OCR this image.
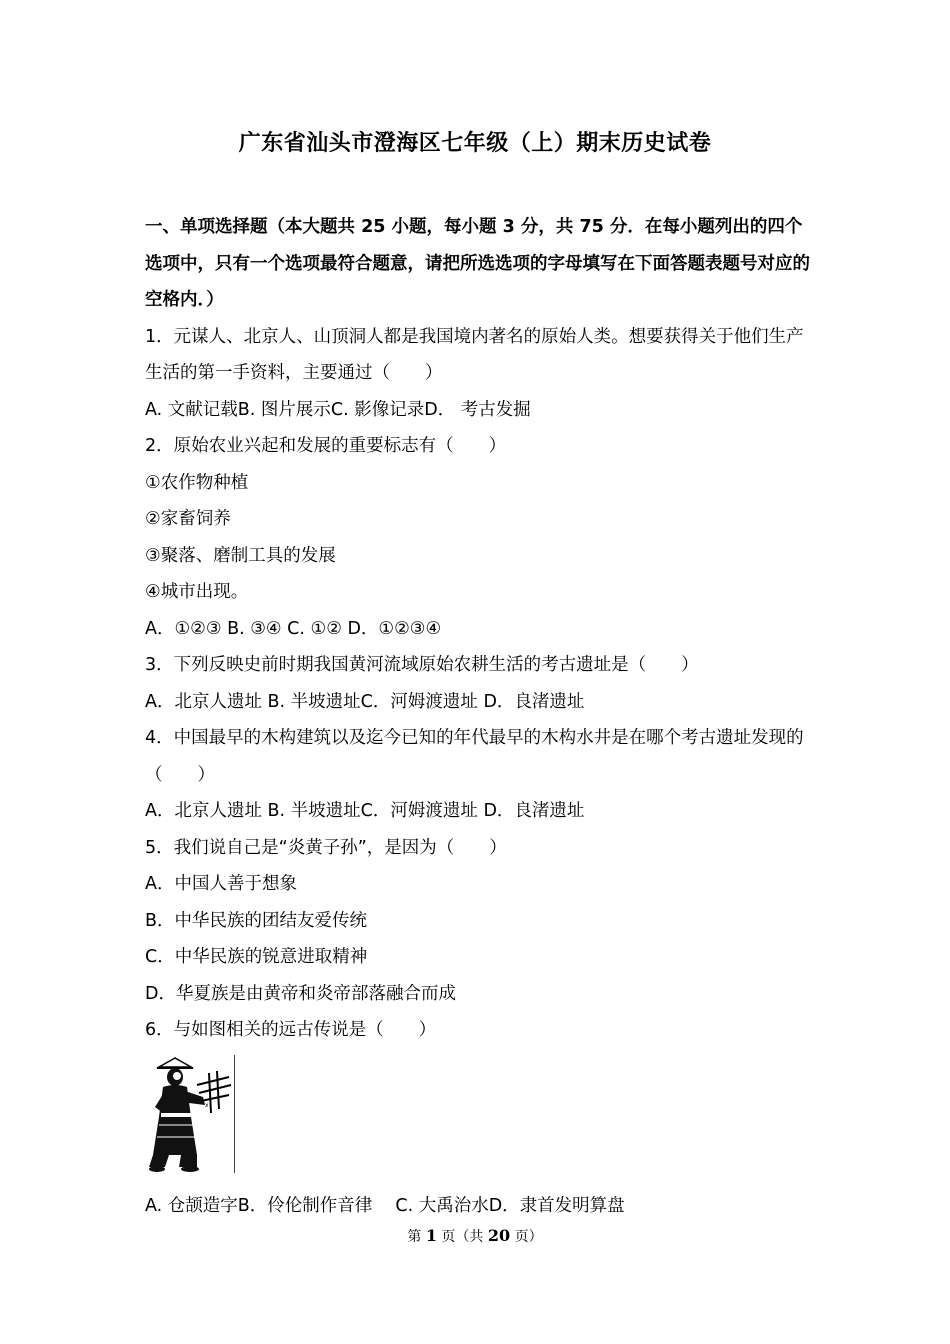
广东省汕头市澄海区七年级（上）期末历史试卷
一、单项选择题（本大题共 25 小题，每小题 3 分，共 75 分．在每小题列出的四个选项中，只有一个选项最符合题意，请把所选选项的字母填写在下面答题表题号对应的空格内．）
1．元谋人、北京人、山顶洞人都是我国境内著名的原始人类。想要获得关于他们生产生活的第一手资料，主要通过（　　）
A. 文献记载B. 图片展示C. 影像记录D． 考古发掘
2．原始农业兴起和发展的重要标志有（　　）
①农作物种植
②家畜饲养
③聚落、磨制工具的发展
④城市出现。
A．①②③ B. ③④ C. ①② D．①②③④
3．下列反映史前时期我国黄河流域原始农耕生活的考古遗址是（　　）
A．北京人遗址 B. 半坡遗址C．河姆渡遗址 D．良渚遗址
4．中国最早的木构建筑以及迄今已知的年代最早的木构水井是在哪个考古遗址发现的（　　）
A．北京人遗址 B. 半坡遗址C．河姆渡遗址 D．良渚遗址
5．我们说自己是“炎黄子孙”，是因为（　　）
A．中国人善于想象
B．中华民族的团结友爱传统
C．中华民族的锐意进取精神
D．华夏族是由黄帝和炎帝部落融合而成
6．与如图相关的远古传说是（　　）
x
A. 仓颉造字B．伶伦制作音律　 C. 大禹治水D．隶首发明算盘
第 1 页（共 20 页）
